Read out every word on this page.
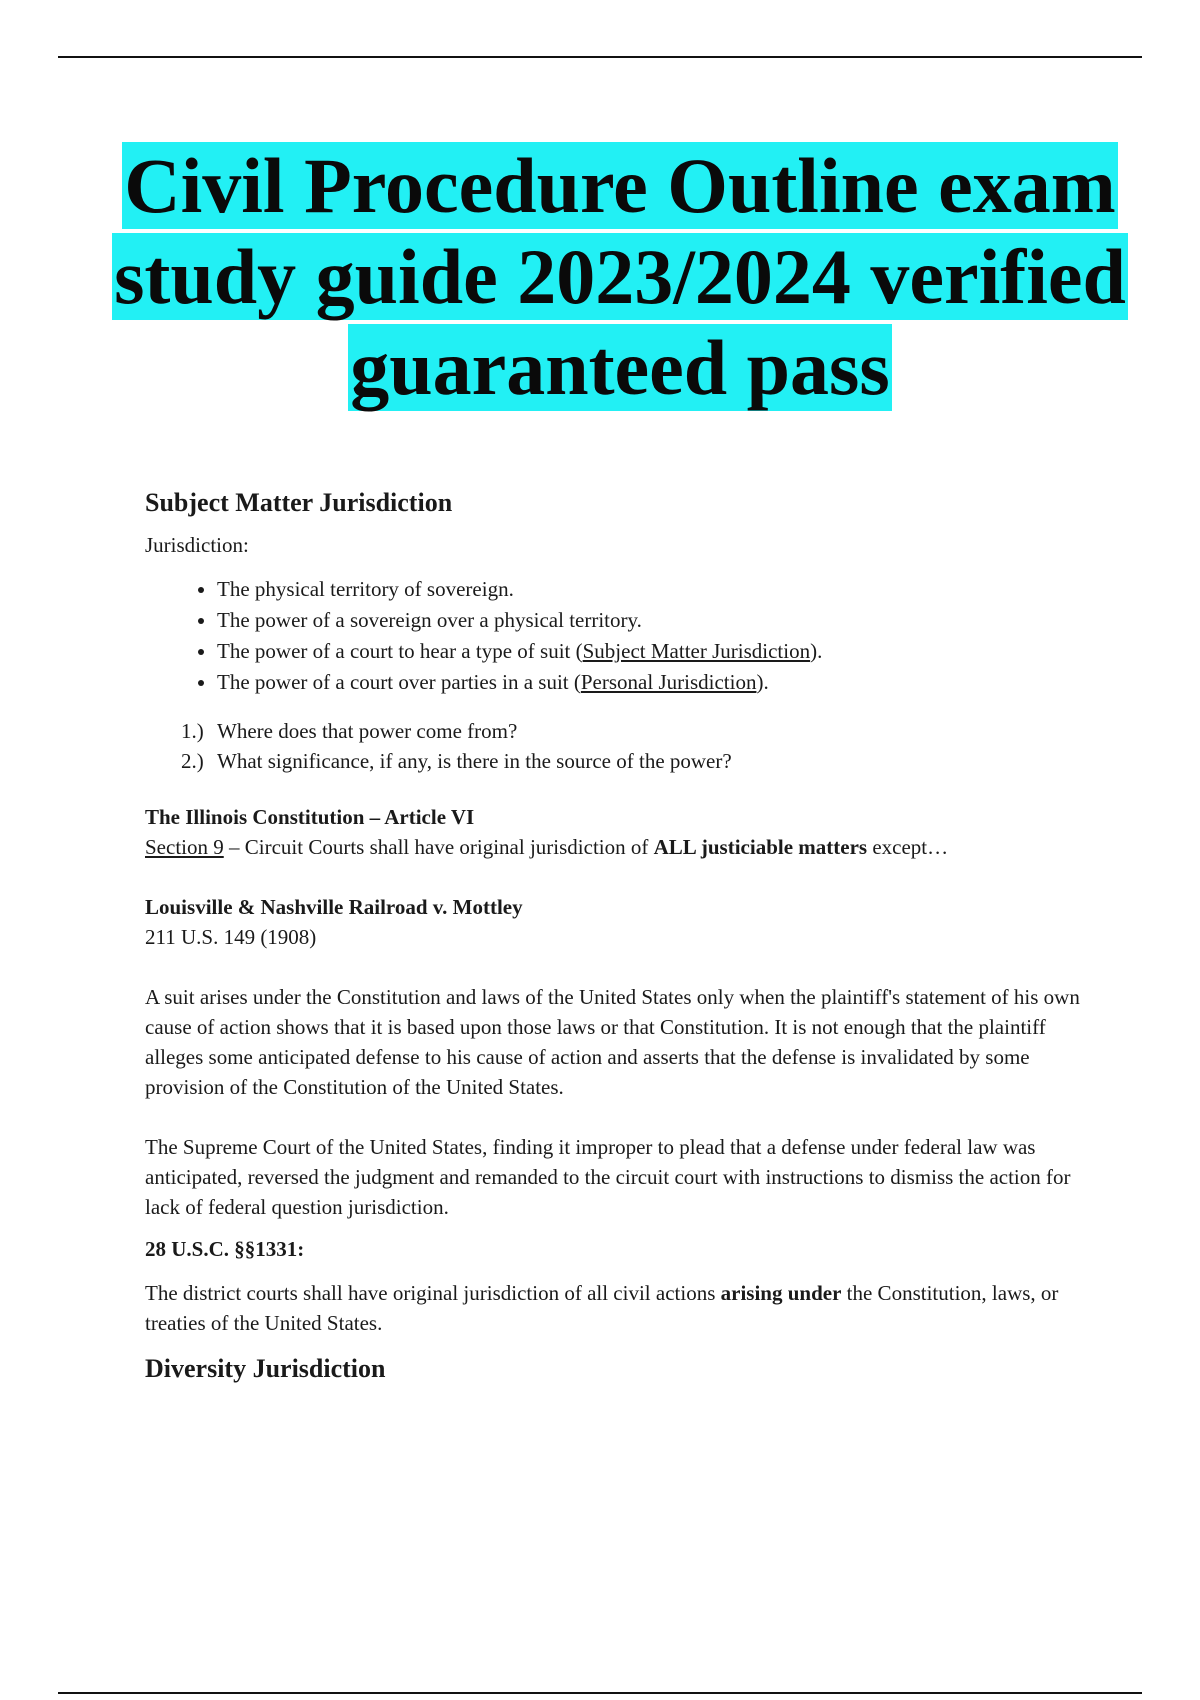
Civil Procedure Outline exam
study guide 2023/2024 verified
guaranteed pass
Subject Matter Jurisdiction

Jurisdiction:

• The physical territory of sovereign.
• The power of a sovereign over a physical territory.
• The power of a court to hear a type of suit (Subject Matter Jurisdiction).
• The power of a court over parties in a suit (Personal Jurisdiction).
1.) Where does that power come from?
2.) What significance, if any, is there in the source of the power?

The Illinois Constitution – Article VI

Section 9 – Circuit Courts shall have original jurisdiction of ALL justiciable matters except…

Louisville & Nashville Railroad v. Mottley

211 U.S. 149 (1908)

A suit arises under the Constitution and laws of the United States only when the plaintiff's statement of his own cause of action shows that it is based upon those laws or that Constitution. It is not enough that the plaintiff alleges some anticipated defense to his cause of action and asserts that the defense is invalidated by some provision of the Constitution of the United States.

The Supreme Court of the United States, finding it improper to plead that a defense under federal law was anticipated, reversed the judgment and remanded to the circuit court with instructions to dismiss the action for lack of federal question jurisdiction.

28 U.S.C. §§1331:

The district courts shall have original jurisdiction of all civil actions arising under the Constitution, laws, or treaties of the United States.

Diversity Jurisdiction
